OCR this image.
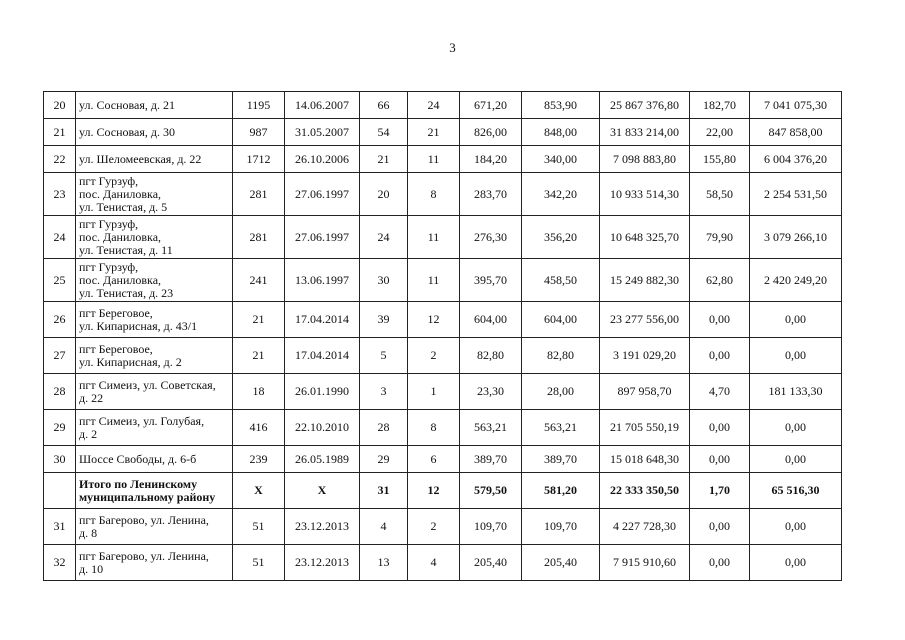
3
20	ул. Сосновая, д. 21	1195	14.06.2007	66	24	671,20	853,90	25 867 376,80	182,70	7 041 075,30
21	ул. Сосновая, д. 30	987	31.05.2007	54	21	826,00	848,00	31 833 214,00	22,00	847 858,00
22	ул. Шеломеевская, д. 22	1712	26.10.2006	21	11	184,20	340,00	7 098 883,80	155,80	6 004 376,20
23	пгт Гурзуф,
пос. Даниловка,
ул. Тенистая, д. 5	281	27.06.1997	20	8	283,70	342,20	10 933 514,30	58,50	2 254 531,50
24	пгт Гурзуф,
пос. Даниловка,
ул. Тенистая, д. 11	281	27.06.1997	24	11	276,30	356,20	10 648 325,70	79,90	3 079 266,10
25	пгт Гурзуф,
пос. Даниловка,
ул. Тенистая, д. 23	241	13.06.1997	30	11	395,70	458,50	15 249 882,30	62,80	2 420 249,20
26	пгт Береговое,
ул. Кипарисная, д. 43/1	21	17.04.2014	39	12	604,00	604,00	23 277 556,00	0,00	0,00
27	пгт Береговое,
ул. Кипарисная, д. 2	21	17.04.2014	5	2	82,80	82,80	3 191 029,20	0,00	0,00
28	пгт Симеиз, ул. Советская,
д. 22	18	26.01.1990	3	1	23,30	28,00	897 958,70	4,70	181 133,30
29	пгт Симеиз, ул. Голубая,
д. 2	416	22.10.2010	28	8	563,21	563,21	21 705 550,19	0,00	0,00
30	Шоссе Свободы, д. 6-б	239	26.05.1989	29	6	389,70	389,70	15 018 648,30	0,00	0,00

	Итого по Ленинскому
муниципальному району	X	X	31	12	579,50	581,20	22 333 350,50	1,70	65 516,30
31	пгт Багерово, ул. Ленина,
д. 8	51	23.12.2013	4	2	109,70	109,70	4 227 728,30	0,00	0,00
32	пгт Багерово, ул. Ленина,
д. 10	51	23.12.2013	13	4	205,40	205,40	7 915 910,60	0,00	0,00
